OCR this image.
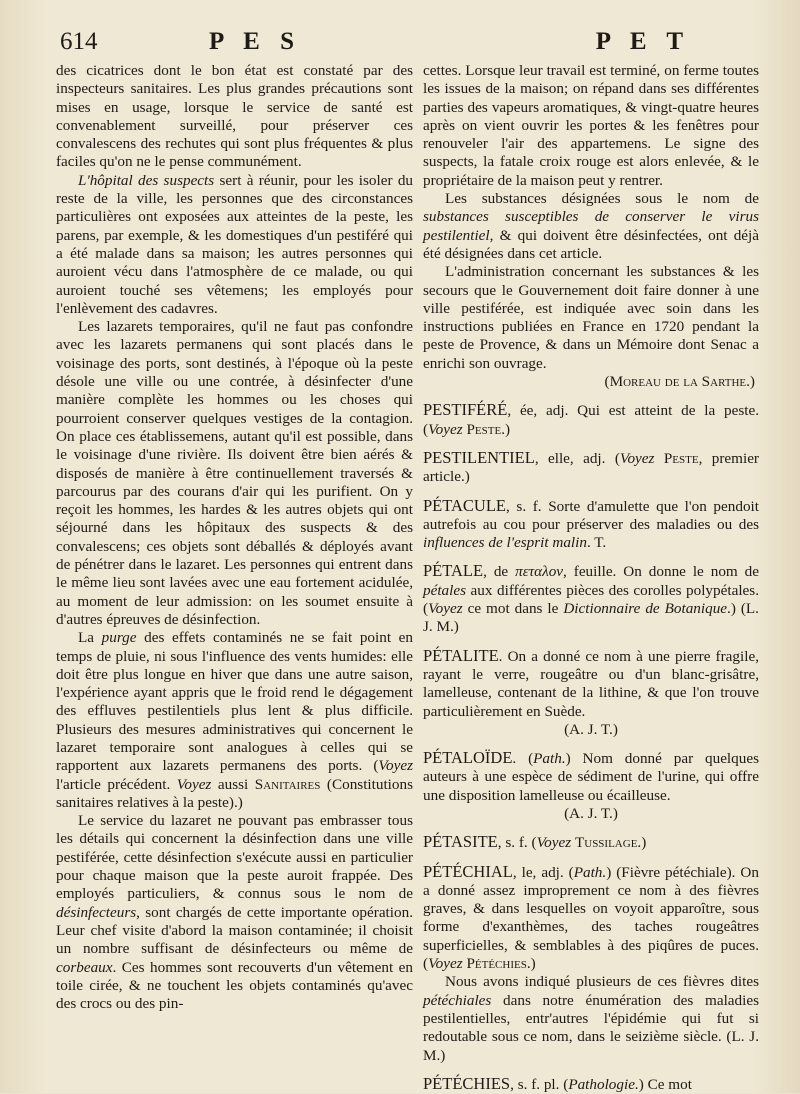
614	P E S	P E T

des cicatrices dont le bon état est constaté par des inspecteurs sanitaires. Les plus grandes précautions sont mises en usage, lorsque le service de santé est convenablement surveillé, pour préserver ces convalescens des rechutes qui sont plus fréquentes & plus faciles qu'on ne le pense communément.

L'hôpital des suspects sert à réunir, pour les isoler du reste de la ville, les personnes que des circonstances particulières ont exposées aux atteintes de la peste, les parens, par exemple, & les domestiques d'un pestiféré qui a été malade dans sa maison; les autres personnes qui auroient vécu dans l'atmosphère de ce malade, ou qui auroient touché ses vêtemens; les employés pour l'enlèvement des cadavres.

Les lazarets temporaires, qu'il ne faut pas confondre avec les lazarets permanens qui sont placés dans le voisinage des ports, sont destinés, à l'époque où la peste désole une ville ou une contrée, à désinfecter d'une manière complète les hommes ou les choses qui pourroient conserver quelques vestiges de la contagion. On place ces établissemens, autant qu'il est possible, dans le voisinage d'une rivière. Ils doivent être bien aérés & disposés de manière à être continuellement traversés & parcourus par des courans d'air qui les purifient. On y reçoit les hommes, les hardes & les autres objets qui ont séjourné dans les hôpitaux des suspects & des convalescens; ces objets sont déballés & déployés avant de pénétrer dans le lazaret. Les personnes qui entrent dans le même lieu sont lavées avec une eau fortement acidulée, au moment de leur admission: on les soumet ensuite à d'autres épreuves de désinfection.

La purge des effets contaminés ne se fait point en temps de pluie, ni sous l'influence des vents humides: elle doit être plus longue en hiver que dans une autre saison, l'expérience ayant appris que le froid rend le dégagement des effluves pestilentiels plus lent & plus difficile. Plusieurs des mesures administratives qui concernent le lazaret temporaire sont analogues à celles qui se rapportent aux lazarets permanens des ports. (Voyez l'article précédent. Voyez aussi Sanitaires (Constitutions sanitaires relatives à la peste).)

Le service du lazaret ne pouvant pas embrasser tous les détails qui concernent la désinfection dans une ville pestiférée, cette désinfection s'exécute aussi en particulier pour chaque maison que la peste auroit frappée. Des employés particuliers, & connus sous le nom de désinfecteurs, sont chargés de cette importante opération. Leur chef visite d'abord la maison contaminée; il choisit un nombre suffisant de désinfecteurs ou même de corbeaux. Ces hommes sont recouverts d'un vêtement en toile cirée, & ne touchent les objets contaminés qu'avec des crocs ou des pin-

cettes. Lorsque leur travail est terminé, on ferme toutes les issues de la maison; on répand dans ses différentes parties des vapeurs aromatiques, & vingt-quatre heures après on vient ouvrir les portes & les fenêtres pour renouveler l'air des appartemens. Le signe des suspects, la fatale croix rouge est alors enlevée, & le propriétaire de la maison peut y rentrer.

Les substances désignées sous le nom de substances susceptibles de conserver le virus pestilentiel, & qui doivent être désinfectées, ont déjà été désignées dans cet article.

L'administration concernant les substances & les secours que le Gouvernement doit faire donner à une ville pestiférée, est indiquée avec soin dans les instructions publiées en France en 1720 pendant la peste de Provence, & dans un Mémoire dont Senac a enrichi son ouvrage.

(Moreau de la Sarthe.)

PESTIFÉRÉ, ée, adj. Qui est atteint de la peste. (Voyez Peste.)

PESTILENTIEL, elle, adj. (Voyez Peste, premier article.)

PÉTACULE, s. f. Sorte d'amulette que l'on pendoit autrefois au cou pour préserver des maladies ou des influences de l'esprit malin. T.

PÉTALE, de πεταλον, feuille. On donne le nom de pétales aux différentes pièces des corolles polypétales. (Voyez ce mot dans le Dictionnaire de Botanique.) (L. J. M.)

PÉTALITE. On a donné ce nom à une pierre fragile, rayant le verre, rougeâtre ou d'un blanc-grisâtre, lamelleuse, contenant de la lithine, & que l'on trouve particulièrement en Suède.

(A. J. T.)

PÉTALOÏDE. (Path.) Nom donné par quelques auteurs à une espèce de sédiment de l'urine, qui offre une disposition lamelleuse ou écailleuse.

(A. J. T.)

PÉTASITE, s. f. (Voyez Tussilage.)

PÉTÉCHIAL, le, adj. (Path.) (Fièvre pétéchiale). On a donné assez improprement ce nom à des fièvres graves, & dans lesquelles on voyoit apparoître, sous forme d'exanthèmes, des taches rougeâtres superficielles, & semblables à des piqûres de puces. (Voyez Pétéchies.)

Nous avons indiqué plusieurs de ces fièvres dites pétéchiales dans notre énumération des maladies pestilentielles, entr'autres l'épidémie qui fut si redoutable sous ce nom, dans le seizième siècle. (L. J. M.)

PÉTÉCHIES, s. f. pl. (Pathologie.) Ce mot
